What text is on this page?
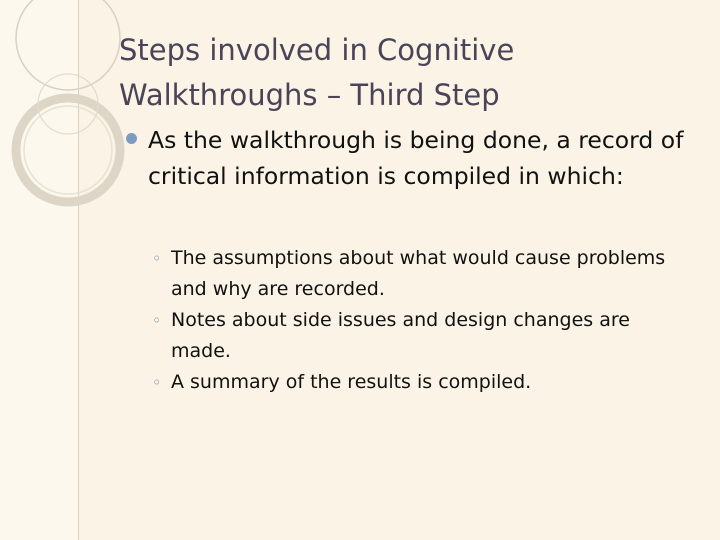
Steps involved in Cognitive
Walkthroughs – Third Step
As the walkthrough is being done, a record of critical information is compiled in which:
◦ The assumptions about what would cause problems and why are recorded.
◦ Notes about side issues and design changes are made.
◦ A summary of the results is compiled.
